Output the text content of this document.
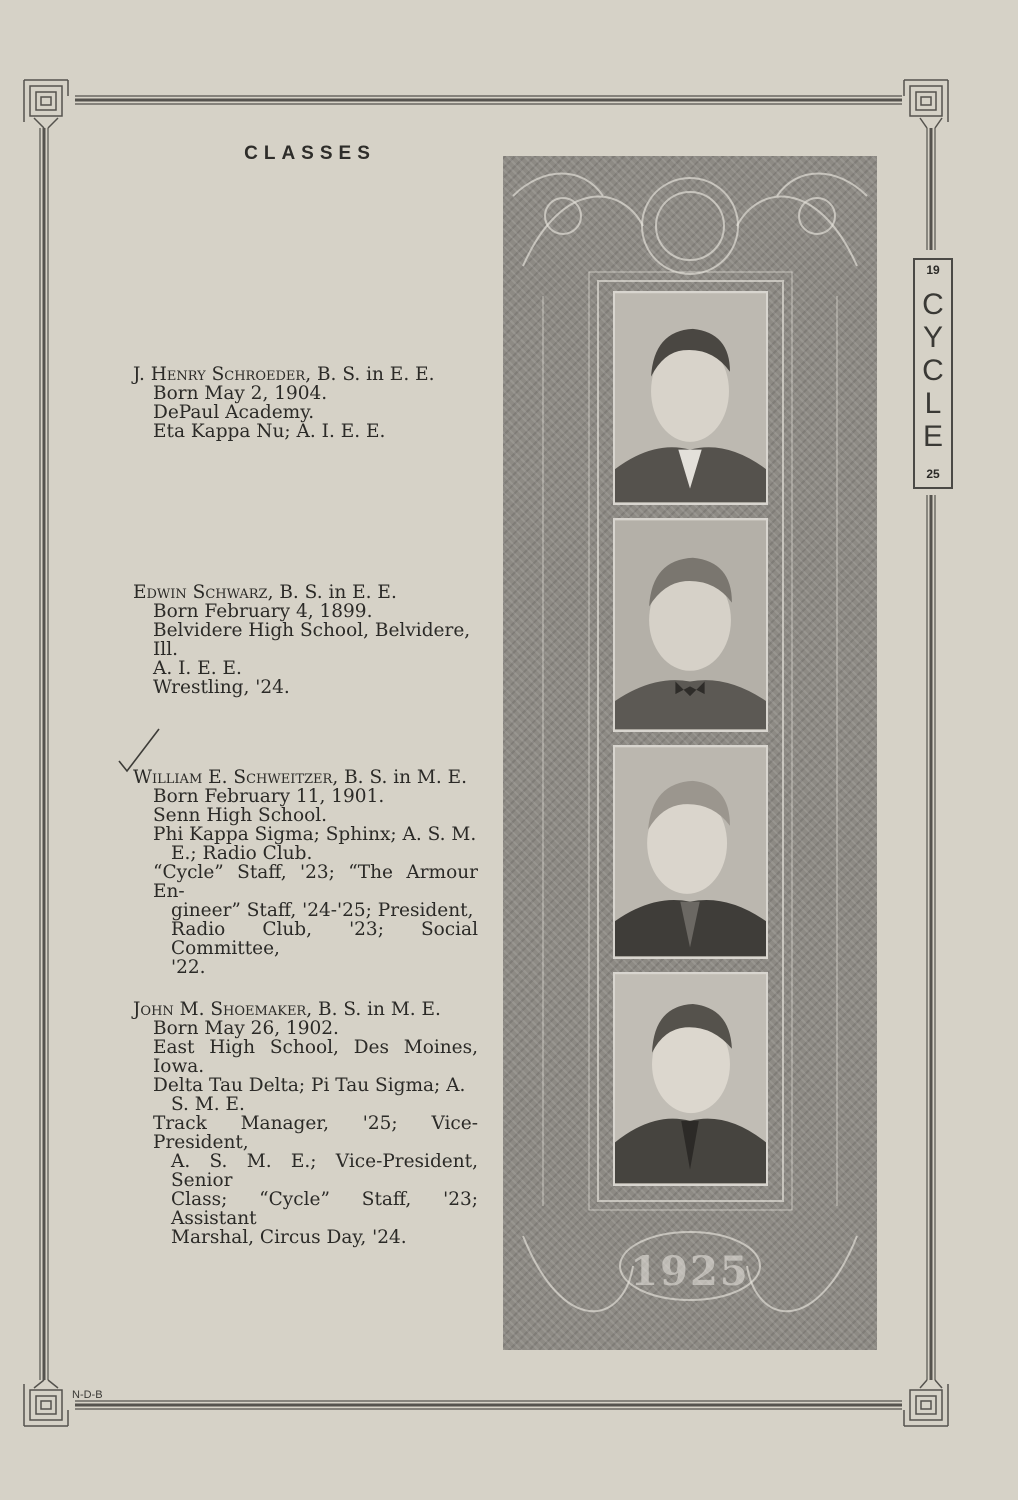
CLASSES
J. Henry Schroeder, B. S. in E. E.
Born May 2, 1904.
DePaul Academy.
Eta Kappa Nu; A. I. E. E.
Edwin Schwarz, B. S. in E. E.
Born February 4, 1899.
Belvidere High School, Belvidere, Ill.
A. I. E. E.
Wrestling, '24.
William E. Schweitzer, B. S. in M. E.
Born February 11, 1901.
Senn High School.
Phi Kappa Sigma; Sphinx; A. S. M.
E.; Radio Club.
“Cycle” Staff, '23; “The Armour En-
gineer” Staff, '24-'25; President,
Radio Club, '23; Social Committee,
'22.
John M. Shoemaker, B. S. in M. E.
Born May 26, 1902.
East High School, Des Moines, Iowa.
Delta Tau Delta; Pi Tau Sigma; A.
S. M. E.
Track Manager, '25; Vice-President,
A. S. M. E.; Vice-President, Senior
Class; “Cycle” Staff, '23; Assistant
Marshal, Circus Day, '24.
1925
19
C
Y
C
L
E
25
N-D-B
